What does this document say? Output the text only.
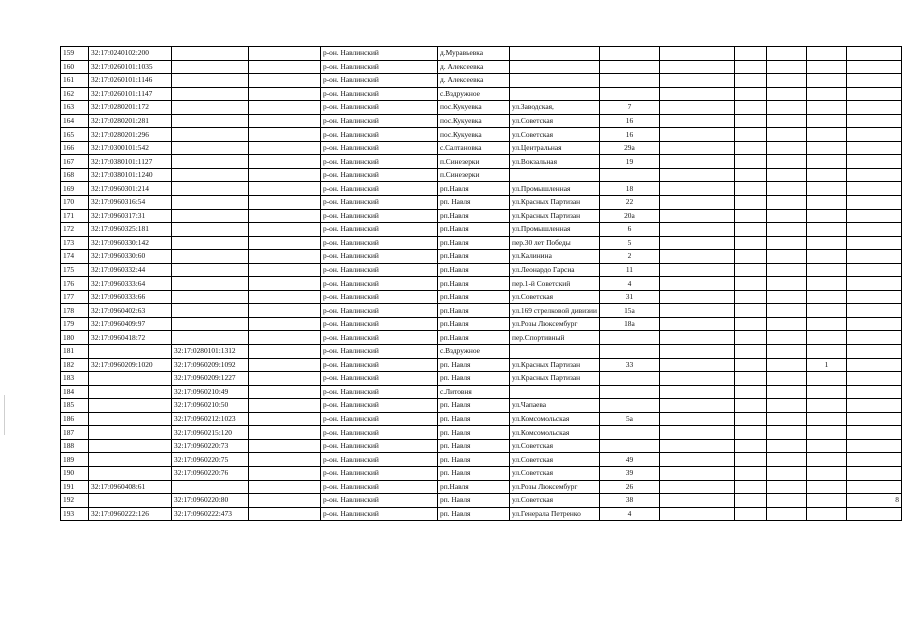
159	32:17:0240102:200			р-он. Навлинский	д.Муравьевка							
160	32:17:0260101:1035			р-он. Навлинский	д. Алексеевка							
161	32:17:0260101:1146			р-он. Навлинский	д. Алексеевка							
162	32:17:0260101:1147			р-он. Навлинский	с.Вздружное							
163	32:17:0280201:172			р-он. Навлинский	пос.Кукуевка	ул.Заводская,	7					
164	32:17:0280201:281			р-он. Навлинский	пос.Кукуевка	ул.Советская	16					
165	32:17:0280201:296			р-он. Навлинский	пос.Кукуевка	ул.Советская	16					
166	32:17:0300101:542			р-он. Навлинский	с.Салтановка	ул.Центральная	29а					
167	32:17:0380101:1127			р-он. Навлинский	п.Синезерки	ул.Вокзальная	19					
168	32:17:0380101:1240			р-он. Навлинский	п.Синезерки							
169	32:17:0960301:214			р-он. Навлинский	рп.Навля	ул.Промышленная	18					
170	32:17:0960316:54			р-он. Навлинский	рп. Навля	ул.Красных Партизан	22					
171	32:17:0960317:31			р-он. Навлинский	рп.Навля	ул.Красных Партизан	20а					
172	32:17:0960325:181			р-он. Навлинский	рп.Навля	ул.Промышленная	6					
173	32:17:0960330:142			р-он. Навлинский	рп.Навля	пер.30 лет Победы	5					
174	32:17:0960330:60			р-он. Навлинский	рп.Навля	ул.Калинина	2					
175	32:17:0960332:44			р-он. Навлинский	рп.Навля	ул.Леонардо Гарсиа	11					
176	32:17:0960333:64			р-он. Навлинский	рп.Навля	пер.1-й Советский	4					
177	32:17:0960333:66			р-он. Навлинский	рп.Навля	ул.Советская	31					
178	32:17:0960402:63			р-он. Навлинский	рп.Навля	ул.169 стрелковой дивизии	15а					
179	32:17:0960409:97			р-он. Навлинский	рп.Навля	ул.Розы Люксембург	18а					
180	32:17:0960418:72			р-он. Навлинский	рп.Навля	пер.Спортивный						
181		32:17:0280101:1312		р-он. Навлинский	с.Вздружное							
182	32:17:0960209:1020	32:17:0960209:1092		р-он. Навлинский	рп. Навля	ул.Красных Партизан	33				1	
183		32:17:0960209:1227		р-он. Навлинский	рп. Навля	ул.Красных Партизан						
184		32:17:0960210:49		р-он. Навлинский	с.Литовня							
185		32:17:0960210:50		р-он. Навлинский	рп. Навля	ул.Чапаева						
186		32:17:0960212:1023		р-он. Навлинский	рп. Навля	ул.Комсомольская	5а					
187		32:17:0960215:120		р-он. Навлинский	рп. Навля	ул.Комсомольская						
188		32:17:0960220:73		р-он. Навлинский	рп. Навля	ул.Советская						
189		32:17:0960220:75		р-он. Навлинский	рп. Навля	ул.Советская	49					
190		32:17:0960220:76		р-он. Навлинский	рп. Навля	ул.Советская	39					
191	32:17:0960408:61			р-он. Навлинский	рп.Навля	ул.Розы Люксембург	26					
192		32:17:0960220:80		р-он. Навлинский	рп. Навля	ул.Советская	38					8
193	32:17:0960222:126	32:17:0960222:473		р-он. Навлинский	рп. Навля	ул.Генерала Петренко	4					
